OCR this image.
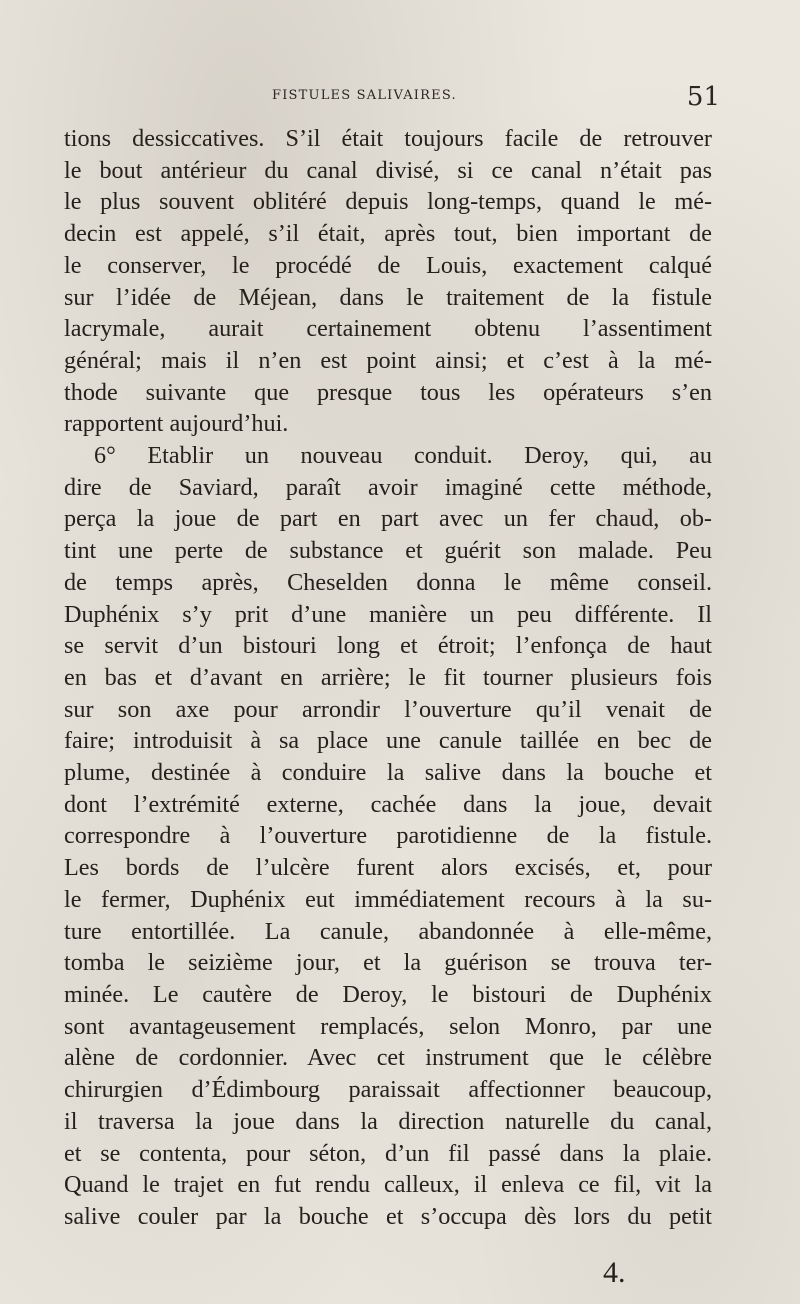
FISTULES SALIVAIRES.	51
tions dessiccatives. S’il était toujours facile de retrouver
le bout antérieur du canal divisé, si ce canal n’était pas
le plus souvent oblitéré depuis long-temps, quand le mé-
decin est appelé, s’il était, après tout, bien important de
le conserver, le procédé de Louis, exactement calqué
sur l’idée de Méjean, dans le traitement de la fistule
lacrymale, aurait certainement obtenu l’assentiment
général; mais il n’en est point ainsi; et c’est à la mé-
thode suivante que presque tous les opérateurs s’en
rapportent aujourd’hui.
6° Etablir un nouveau conduit. Deroy, qui, au
dire de Saviard, paraît avoir imaginé cette méthode,
perça la joue de part en part avec un fer chaud, ob-
tint une perte de substance et guérit son malade. Peu
de temps après, Cheselden donna le même conseil.
Duphénix s’y prit d’une manière un peu différente. Il
se servit d’un bistouri long et étroit; l’enfonça de haut
en bas et d’avant en arrière; le fit tourner plusieurs fois
sur son axe pour arrondir l’ouverture qu’il venait de
faire; introduisit à sa place une canule taillée en bec de
plume, destinée à conduire la salive dans la bouche et
dont l’extrémité externe, cachée dans la joue, devait
correspondre à l’ouverture parotidienne de la fistule.
Les bords de l’ulcère furent alors excisés, et, pour
le fermer, Duphénix eut immédiatement recours à la su-
ture entortillée. La canule, abandonnée à elle-même,
tomba le seizième jour, et la guérison se trouva ter-
minée. Le cautère de Deroy, le bistouri de Duphénix
sont avantageusement remplacés, selon Monro, par une
alène de cordonnier. Avec cet instrument que le célèbre
chirurgien d’Édimbourg paraissait affectionner beaucoup,
il traversa la joue dans la direction naturelle du canal,
et se contenta, pour séton, d’un fil passé dans la plaie.
Quand le trajet en fut rendu calleux, il enleva ce fil, vit la
salive couler par la bouche et s’occupa dès lors du petit
4.
